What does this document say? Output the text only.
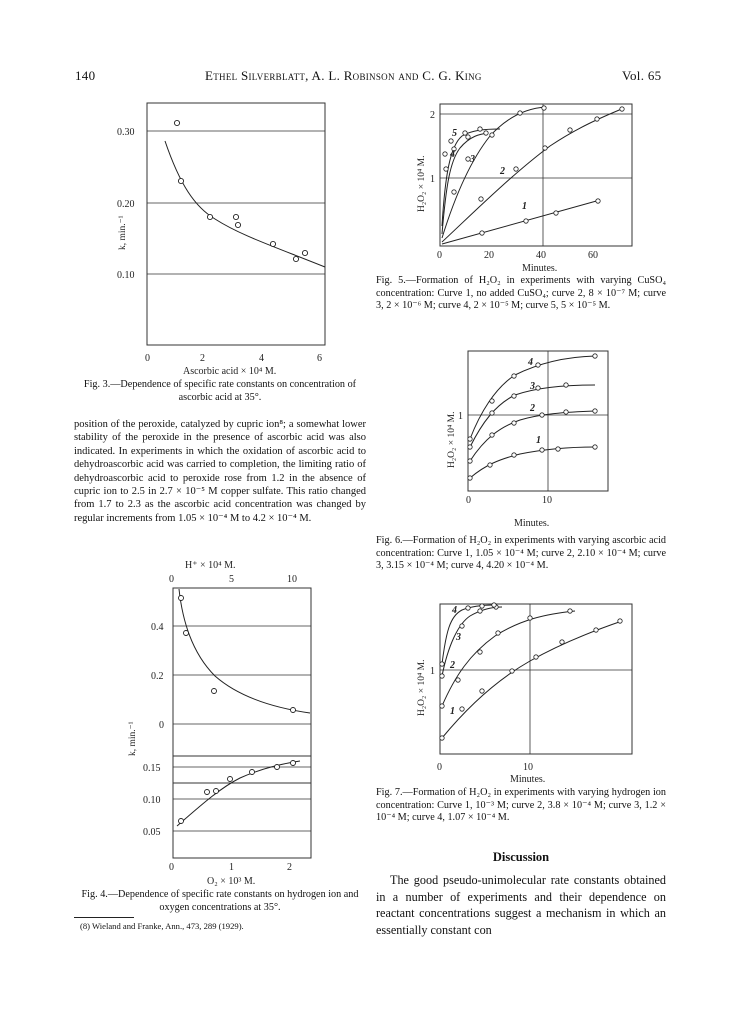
140	Ethel Silverblatt, A. L. Robinson and C. G. King	Vol. 65
0.30
0.20
0.10
0	2	4	6
k, min.⁻¹
Ascorbic acid × 10⁴ M.
Fig. 3.—Dependence of specific rate constants on concentration of ascorbic acid at 35°.
position of the peroxide, catalyzed by cupric ion⁸; a somewhat lower stability of the peroxide in the presence of ascorbic acid was also indicated. In experiments in which the oxidation of ascorbic acid to dehydroascorbic acid was carried to completion, the limiting ratio of dehydroascorbic acid to peroxide rose from 1.2 in the absence of cupric ion to 2.5 in 2.7 × 10⁻⁵ M copper sulfate. This ratio changed from 1.7 to 2.3 as the ascorbic acid concentration was changed by regular increments from 1.05 × 10⁻⁴ M to 4.2 × 10⁻⁴ M.
H⁺ × 10⁴ M.
0	5	10
0.4
0.2
0
k, min.⁻¹
0.15
0.10
0.05
0	1	2
O₂ × 10³ M.
Fig. 4.—Dependence of specific rate constants on hydrogen ion and oxygen concentrations at 35°.
(8) Wieland and Franke, Ann., 473, 289 (1929).
2
1
H₂O₂ × 10⁴ M.
0	20	40	60
Minutes.
1
2
3
4
5
Fig. 5.—Formation of H₂O₂ in experiments with varying CuSO₄ concentration: Curve 1, no added CuSO₄; curve 2, 8 × 10⁻⁷ M; curve 3, 2 × 10⁻⁶ M; curve 4, 2 × 10⁻⁵ M; curve 5, 5 × 10⁻⁵ M.
1
H₂O₂ × 10⁴ M.
0	10
Minutes.
1
2
3
4
Fig. 6.—Formation of H₂O₂ in experiments with varying ascorbic acid concentration: Curve 1, 1.05 × 10⁻⁴ M; curve 2, 2.10 × 10⁻⁴ M; curve 3, 3.15 × 10⁻⁴ M; curve 4, 4.20 × 10⁻⁴ M.
1
H₂O₂ × 10⁴ M.
0	10
Minutes.
1
2
3
4
Fig. 7.—Formation of H₂O₂ in experiments with varying hydrogen ion concentration: Curve 1, 10⁻³ M; curve 2, 3.8 × 10⁻⁴ M; curve 3, 1.2 × 10⁻⁴ M; curve 4, 1.07 × 10⁻⁴ M.
Discussion
The good pseudo-unimolecular rate constants obtained in a number of experiments and their dependence on reactant concentrations suggest a mechanism in which an essentially constant con
